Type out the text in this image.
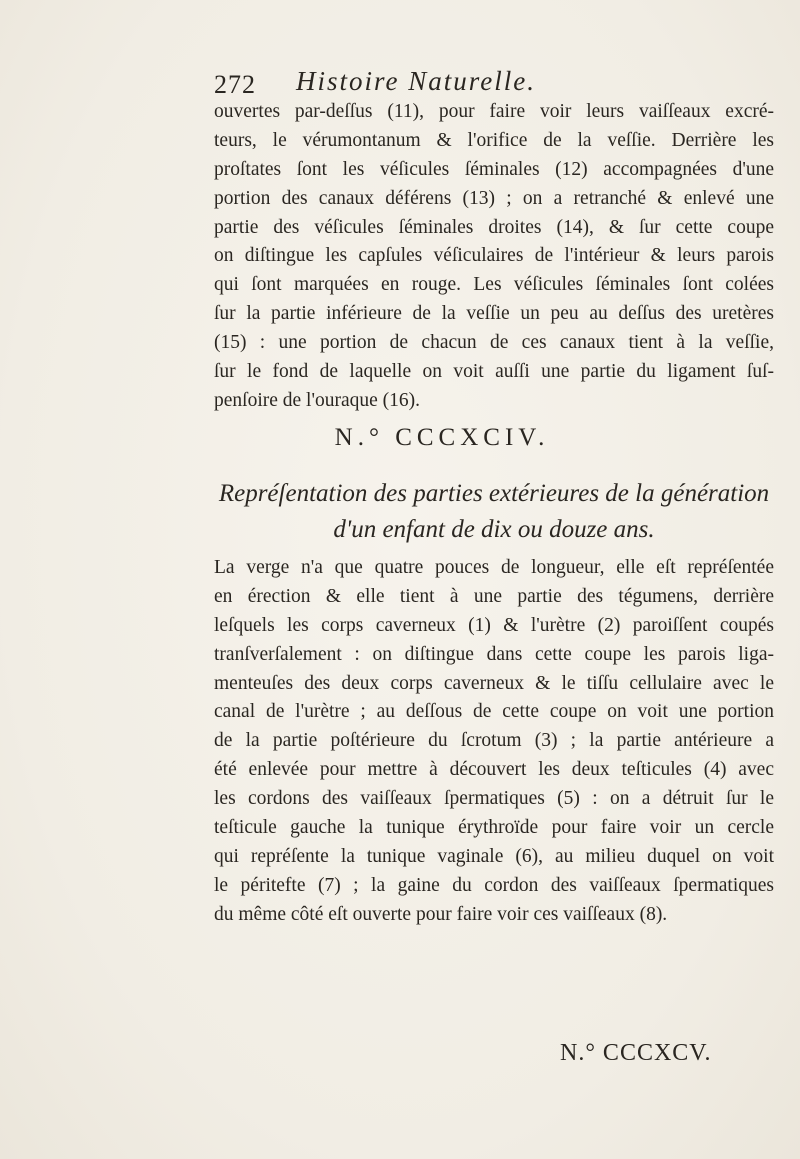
272 Histoire Naturelle.
ouvertes par-deſſus (11), pour faire voir leurs vaiſſeaux excré-
teurs, le vérumontanum & l'orifice de la veſſie. Derrière les
proſtates ſont les véſicules ſéminales (12) accompagnées d'une
portion des canaux déférens (13) ; on a retranché & enlevé une
partie des véſicules ſéminales droites (14), & ſur cette coupe
on diſtingue les capſules véſiculaires de l'intérieur & leurs parois
qui ſont marquées en rouge. Les véſicules ſéminales ſont colées
ſur la partie inférieure de la veſſie un peu au deſſus des uretères
(15) : une portion de chacun de ces canaux tient à la veſſie,
ſur le fond de laquelle on voit auſſi une partie du ligament ſuſ-
penſoire de l'ouraque (16).
N.° CCCXCIV.
Repréſentation des parties extérieures de la génération
d'un enfant de dix ou douze ans.
La verge n'a que quatre pouces de longueur, elle eſt repréſentée
en érection & elle tient à une partie des tégumens, derrière
leſquels les corps caverneux (1) & l'urètre (2) paroiſſent coupés
tranſverſalement : on diſtingue dans cette coupe les parois liga-
menteuſes des deux corps caverneux & le tiſſu cellulaire avec le
canal de l'urètre ; au deſſous de cette coupe on voit une portion
de la partie poſtérieure du ſcrotum (3) ; la partie antérieure a
été enlevée pour mettre à découvert les deux teſticules (4) avec
les cordons des vaiſſeaux ſpermatiques (5) : on a détruit ſur le
teſticule gauche la tunique érythroïde pour faire voir un cercle
qui repréſente la tunique vaginale (6), au milieu duquel on voit
le péritefte (7) ; la gaine du cordon des vaiſſeaux ſpermatiques
du même côté eſt ouverte pour faire voir ces vaiſſeaux (8).
N.° CCCXCV.
